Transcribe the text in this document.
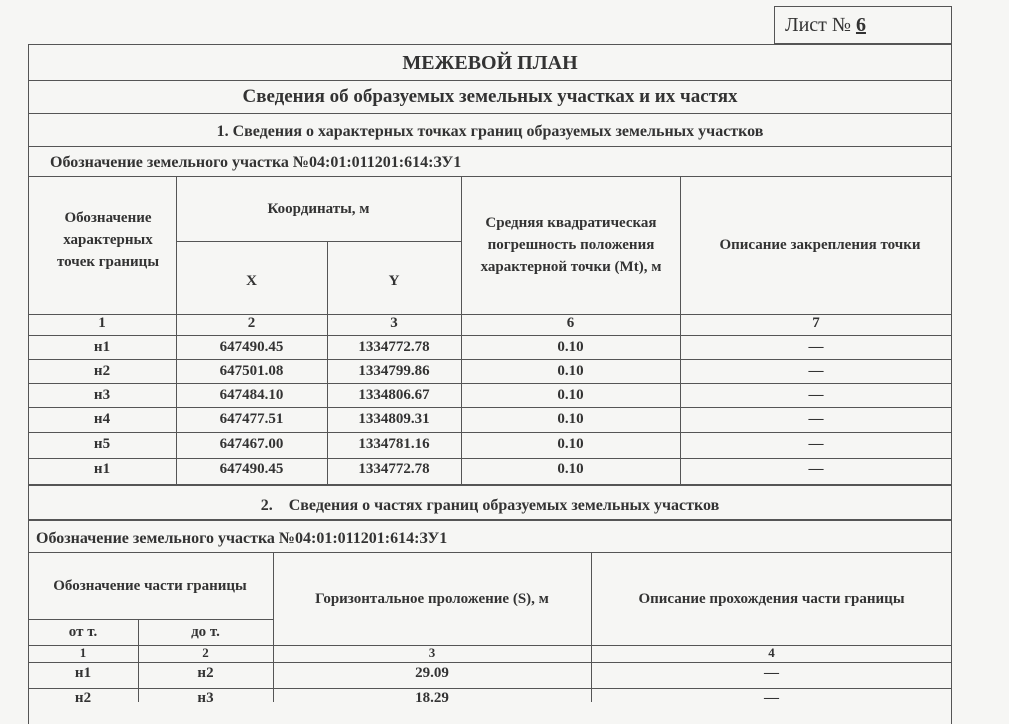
Лист № 6
МЕЖЕВОЙ ПЛАН
Сведения об образуемых земельных участках и их частях
1. Сведения о характерных точках границ образуемых земельных участков
Обозначение земельного участка №04:01:011201:614:ЗУ1
Обозначение характерных точек границы
Координаты, м
X	Y
Средняя квадратическая погрешность положения характерной точки (Mt), м
Описание закрепления точки
1	2	3	6	7
н1	647490.45	1334772.78	0.10	—
н2	647501.08	1334799.86	0.10	—
н3	647484.10	1334806.67	0.10	—
н4	647477.51	1334809.31	0.10	—
н5	647467.00	1334781.16	0.10	—
н1	647490.45	1334772.78	0.10	—
2.    Сведения о частях границ образуемых земельных участков
Обозначение земельного участка №04:01:011201:614:ЗУ1
Обозначение части границы
от т.	до т.
Горизонтальное проложение (S), м	Описание прохождения части границы
1	2	3	4
н1	н2	29.09	—
н2	н3	18.29	—
